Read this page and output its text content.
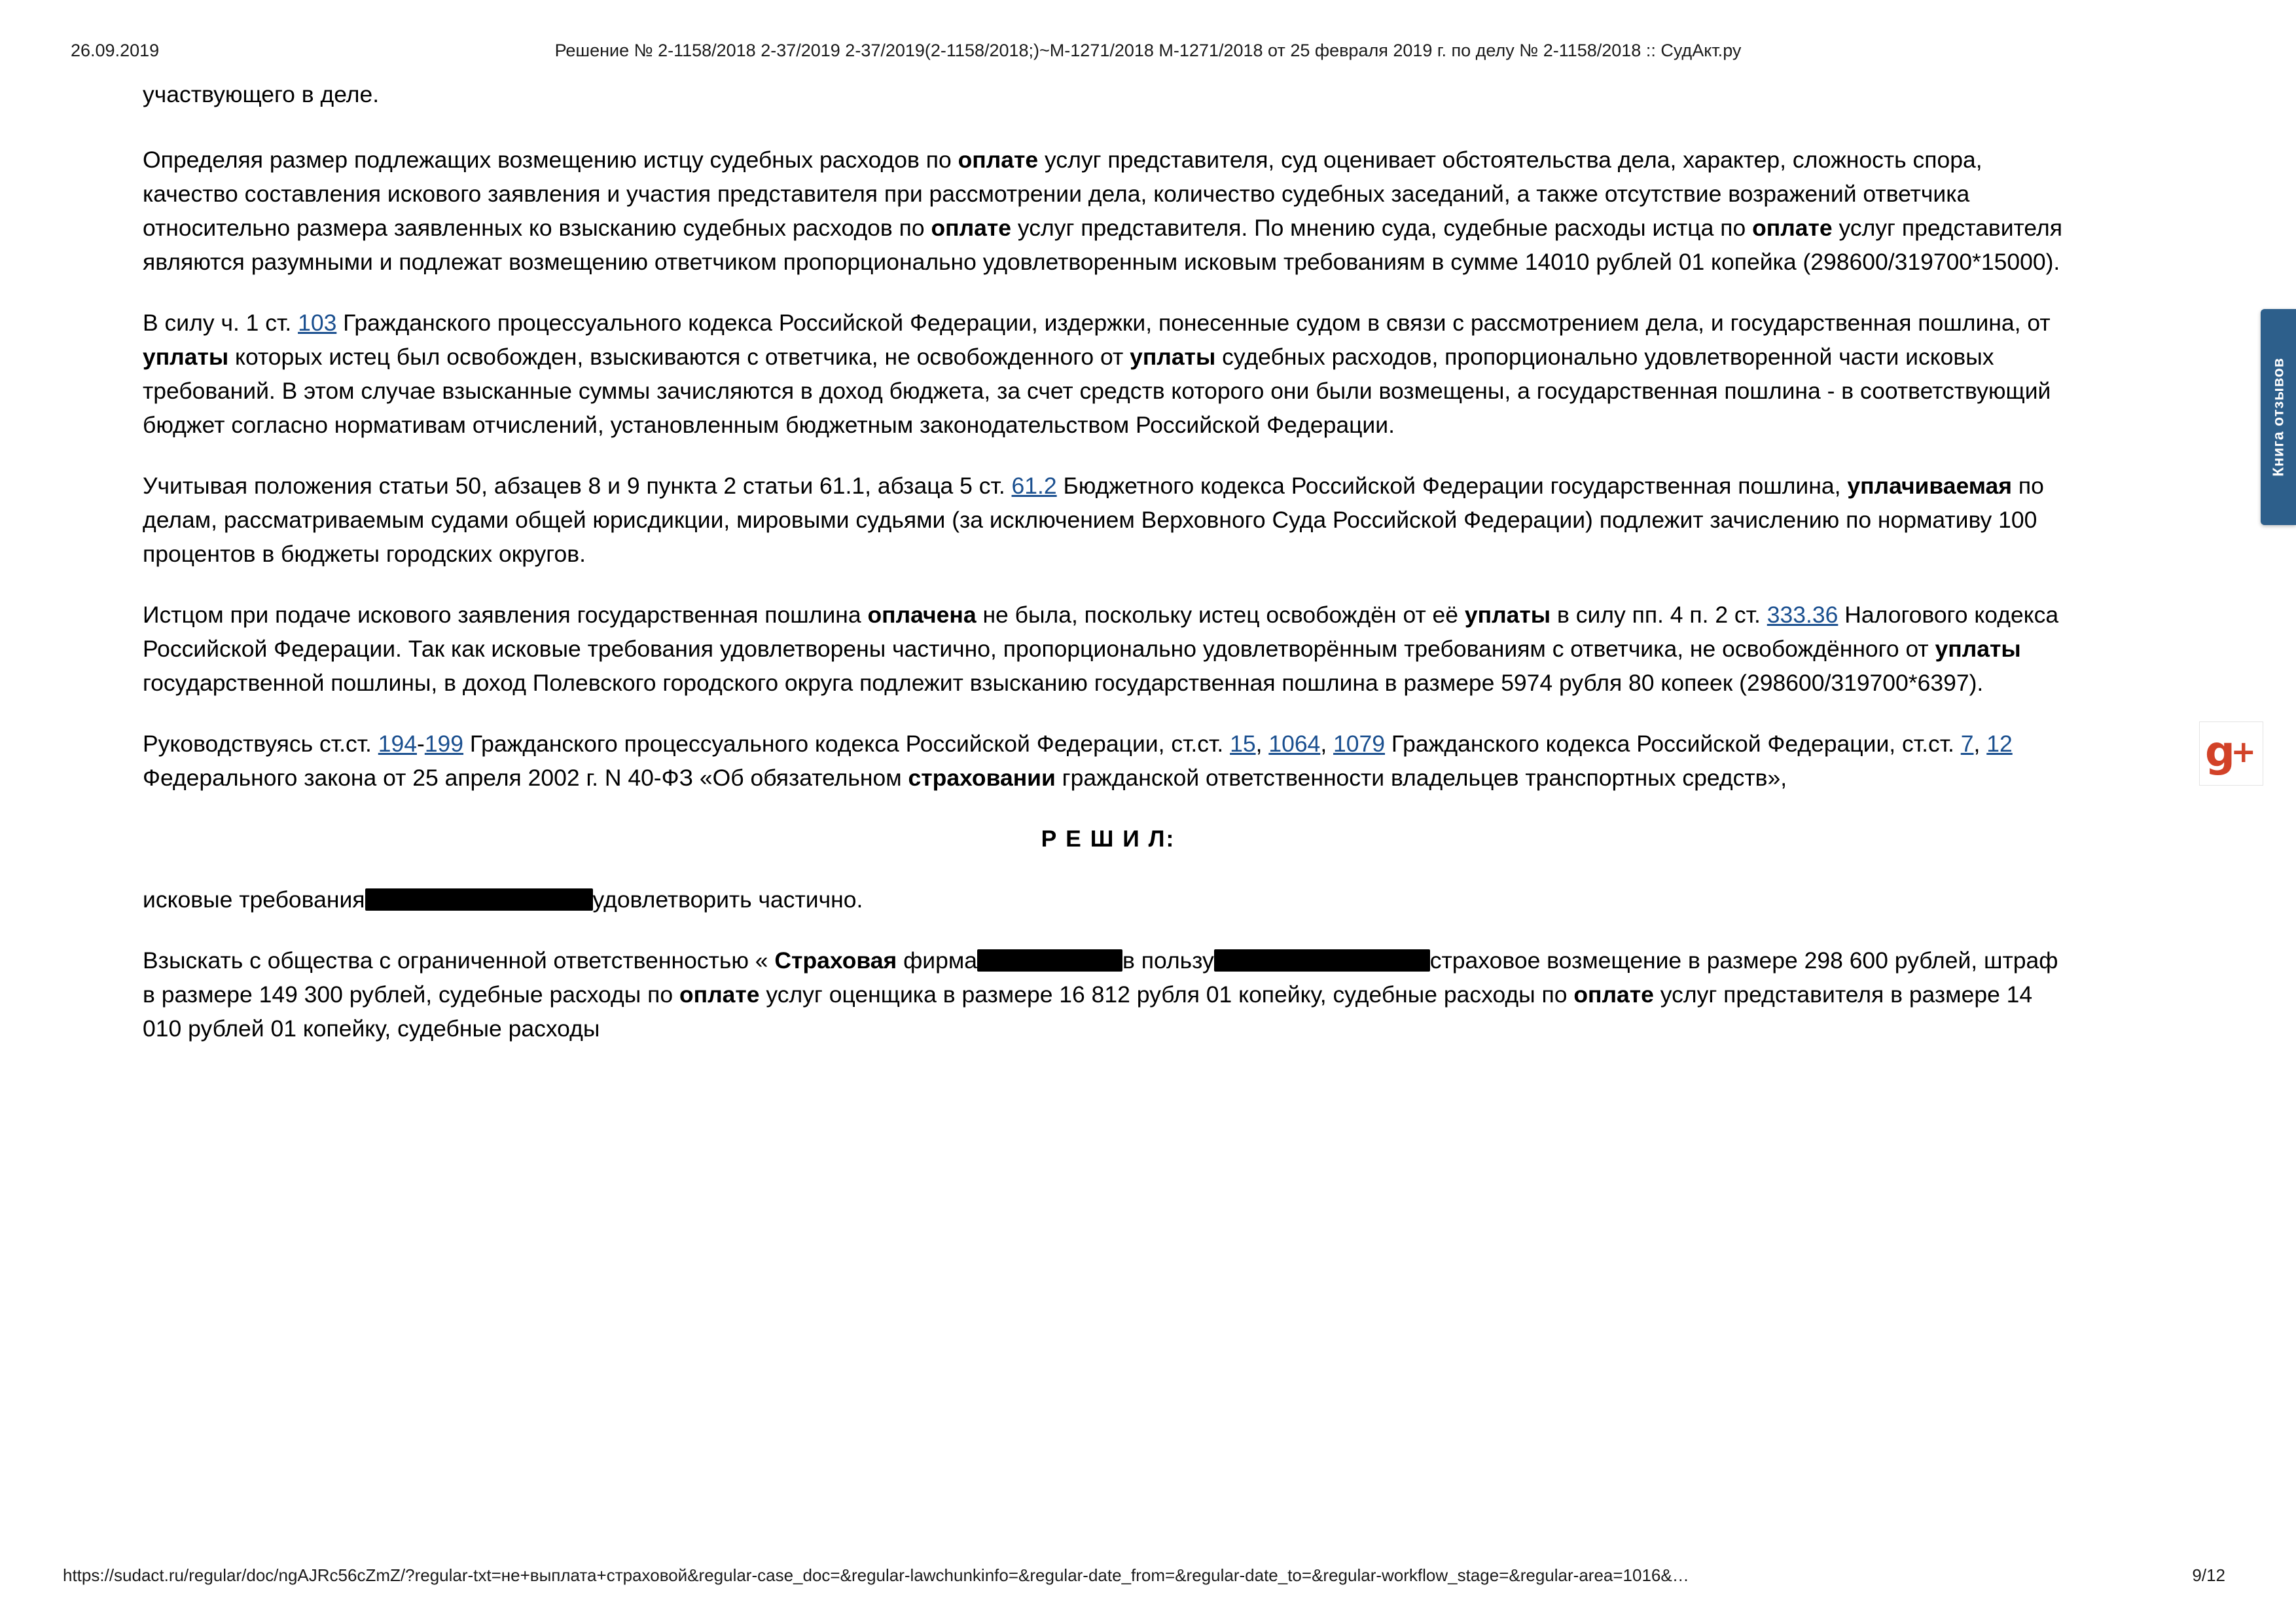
26.09.2019	Решение № 2-1158/2018 2-37/2019 2-37/2019(2-1158/2018;)~М-1271/2018 М-1271/2018 от 25 февраля 2019 г. по делу № 2-1158/2018 :: СудАкт.ру

участвующего в деле.

Определяя размер подлежащих возмещению истцу судебных расходов по оплате услуг представителя, суд оценивает обстоятельства дела, характер, сложность спора, качество составления искового заявления и участия представителя при рассмотрении дела, количество судебных заседаний, а также отсутствие возражений ответчика относительно размера заявленных ко взысканию судебных расходов по оплате услуг представителя. По мнению суда, судебные расходы истца по оплате услуг представителя являются разумными и подлежат возмещению ответчиком пропорционально удовлетворенным исковым требованиям в сумме 14010 рублей 01 копейка (298600/319700*15000).

В силу ч. 1 ст. 103 Гражданского процессуального кодекса Российской Федерации, издержки, понесенные судом в связи с рассмотрением дела, и государственная пошлина, от уплаты которых истец был освобожден, взыскиваются с ответчика, не освобожденного от уплаты судебных расходов, пропорционально удовлетворенной части исковых требований. В этом случае взысканные суммы зачисляются в доход бюджета, за счет средств которого они были возмещены, а государственная пошлина - в соответствующий бюджет согласно нормативам отчислений, установленным бюджетным законодательством Российской Федерации.

Учитывая положения статьи 50, абзацев 8 и 9 пункта 2 статьи 61.1, абзаца 5 ст. 61.2 Бюджетного кодекса Российской Федерации государственная пошлина, уплачиваемая по делам, рассматриваемым судами общей юрисдикции, мировыми судьями (за исключением Верховного Суда Российской Федерации) подлежит зачислению по нормативу 100 процентов в бюджеты городских округов.

Истцом при подаче искового заявления государственная пошлина оплачена не была, поскольку истец освобождён от её уплаты в силу пп. 4 п. 2 ст. 333.36 Налогового кодекса Российской Федерации. Так как исковые требования удовлетворены частично, пропорционально удовлетворённым требованиям с ответчика, не освобождённого от уплаты государственной пошлины, в доход Полевского городского округа подлежит взысканию государственная пошлина в размере 5974 рубля 80 копеек (298600/319700*6397).

Руководствуясь ст.ст. 194-199 Гражданского процессуального кодекса Российской Федерации, ст.ст. 15, 1064, 1079 Гражданского кодекса Российской Федерации, ст.ст. 7, 12 Федерального закона от 25 апреля 2002 г. N 40-ФЗ «Об обязательном страховании гражданской ответственности владельцев транспортных средств»,

Р Е Ш И Л:

исковые требования	удовлетворить частично.

Взыскать с общества с ограниченной ответственностью « Страховая фирма	в пользу	страховое возмещение в размере 298 600 рублей, штраф в размере 149 300 рублей, судебные расходы по оплате услуг оценщика в размере 16 812 рубля 01 копейку, судебные расходы по оплате услуг представителя в размере 14 010 рублей 01 копейку, судебные расходы

Книга отзывов
g
+
https://sudact.ru/regular/doc/ngAJRc56cZmZ/?regular-txt=не+выплата+страховой&regular-case_doc=&regular-lawchunkinfo=&regular-date_from=&regular-date_to=&regular-workflow_stage=&regular-area=1016&…	9/12
